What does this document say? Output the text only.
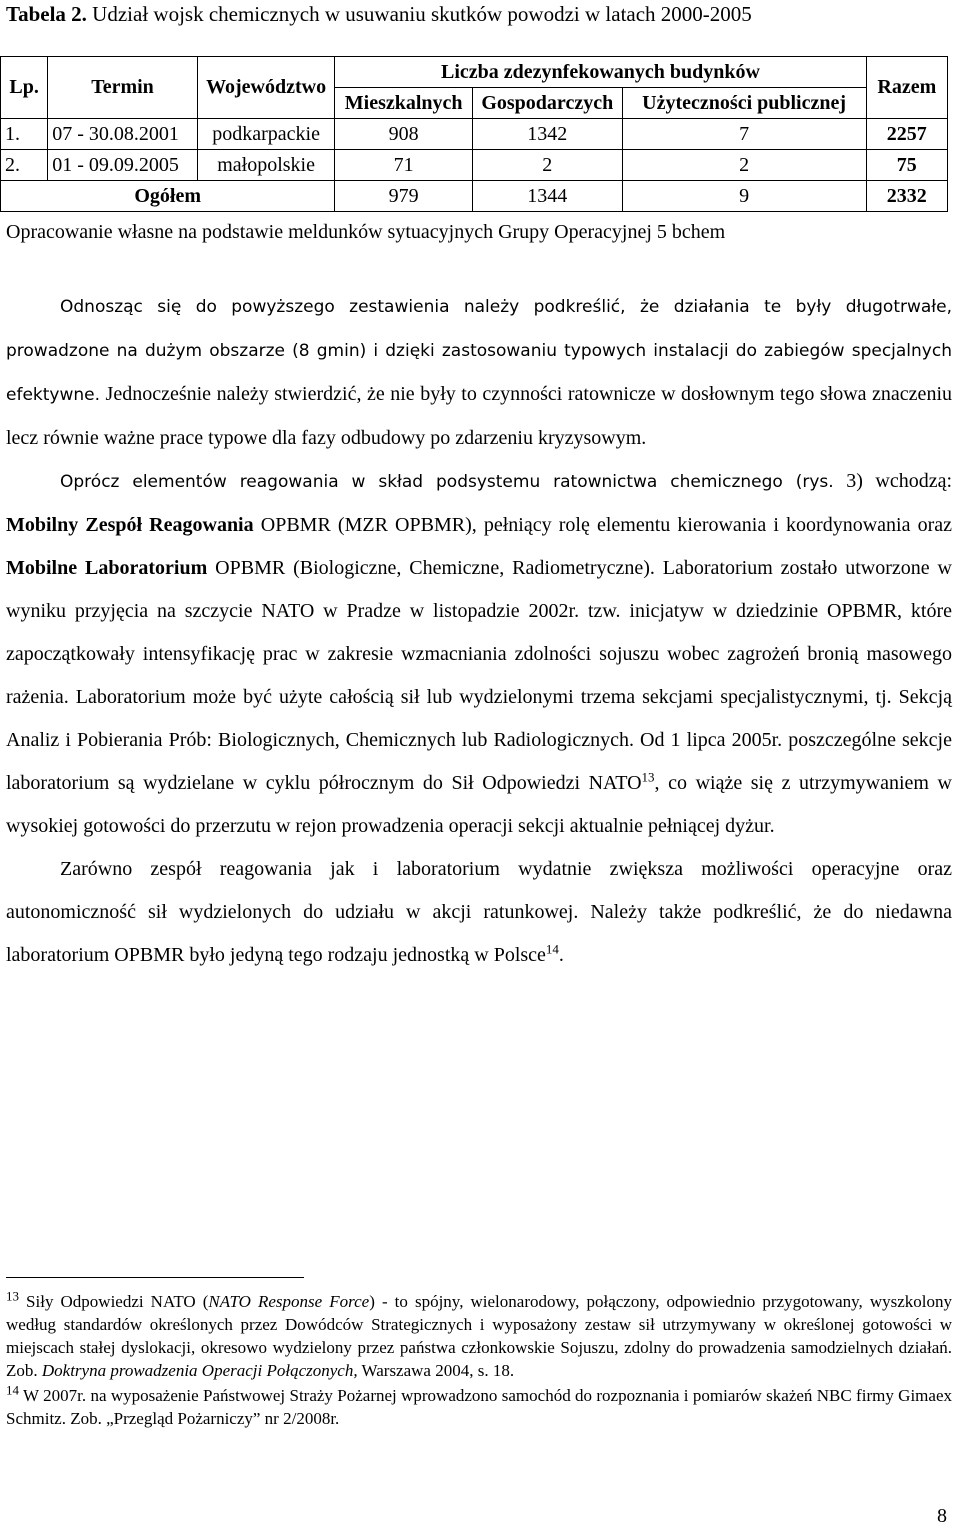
Tabela 2. Udział wojsk chemicznych w usuwaniu skutków powodzi w latach 2000-2005
Lp.	Termin	Województwo	Liczba zdezynfekowanych budynków			Razem
			Mieszkalnych	Gospodarczych	Użyteczności publicznej	
1.	07 - 30.08.2001	podkarpackie	908	1342	7	2257
2.	01 - 09.09.2005	małopolskie	71	2	2	75
Ogółem			979	1344	9	2332
Opracowanie własne na podstawie meldunków sytuacyjnych Grupy Operacyjnej 5 bchem

Odnosząc się do powyższego zestawienia należy podkreślić, że działania te były długotrwałe, prowadzone na dużym obszarze (8 gmin) i dzięki zastosowaniu typowych instalacji do zabiegów specjalnych efektywne. Jednocześnie należy stwierdzić, że nie były to czynności ratownicze w dosłownym tego słowa znaczeniu lecz równie ważne prace typowe dla fazy odbudowy po zdarzeniu kryzysowym.

Oprócz elementów reagowania w skład podsystemu ratownictwa chemicznego (rys. 3) wchodzą: Mobilny Zespół Reagowania OPBMR (MZR OPBMR), pełniący rolę elementu kierowania i koordynowania oraz Mobilne Laboratorium OPBMR (Biologiczne, Chemiczne, Radiometryczne). Laboratorium zostało utworzone w wyniku przyjęcia na szczycie NATO w Pradze w listopadzie 2002r. tzw. inicjatyw w dziedzinie OPBMR, które zapoczątkowały intensyfikację prac w zakresie wzmacniania zdolności sojuszu wobec zagrożeń bronią masowego rażenia. Laboratorium może być użyte całością sił lub wydzielonymi trzema sekcjami specjalistycznymi, tj. Sekcją Analiz i Pobierania Prób: Biologicznych, Chemicznych lub Radiologicznych. Od 1 lipca 2005r. poszczególne sekcje laboratorium są wydzielane w cyklu półrocznym do Sił Odpowiedzi NATO$^{13}$, co wiąże się z utrzymywaniem w wysokiej gotowości do przerzutu w rejon prowadzenia operacji sekcji aktualnie pełniącej dyżur.

Zarówno zespół reagowania jak i laboratorium wydatnie zwiększa możliwości operacyjne oraz autonomiczność sił wydzielonych do udziału w akcji ratunkowej. Należy także podkreślić, że do niedawna laboratorium OPBMR było jedyną tego rodzaju jednostką w Polsce$^{14}$.

$^{13}$ Siły Odpowiedzi NATO (NATO Response Force) - to spójny, wielonarodowy, połączony, odpowiednio przygotowany, wyszkolony według standardów określonych przez Dowódców Strategicznych i wyposażony zestaw sił utrzymywany w określonej gotowości w miejscach stałej dyslokacji, okresowo wydzielony przez państwa członkowskie Sojuszu, zdolny do prowadzenia samodzielnych działań. Zob. Doktryna prowadzenia Operacji Połączonych, Warszawa 2004, s. 18.

$^{14}$ W 2007r. na wyposażenie Państwowej Straży Pożarnej wprowadzono samochód do rozpoznania i pomiarów skażeń NBC firmy Gimaex Schmitz. Zob. „Przegląd Pożarniczy” nr 2/2008r.

8
